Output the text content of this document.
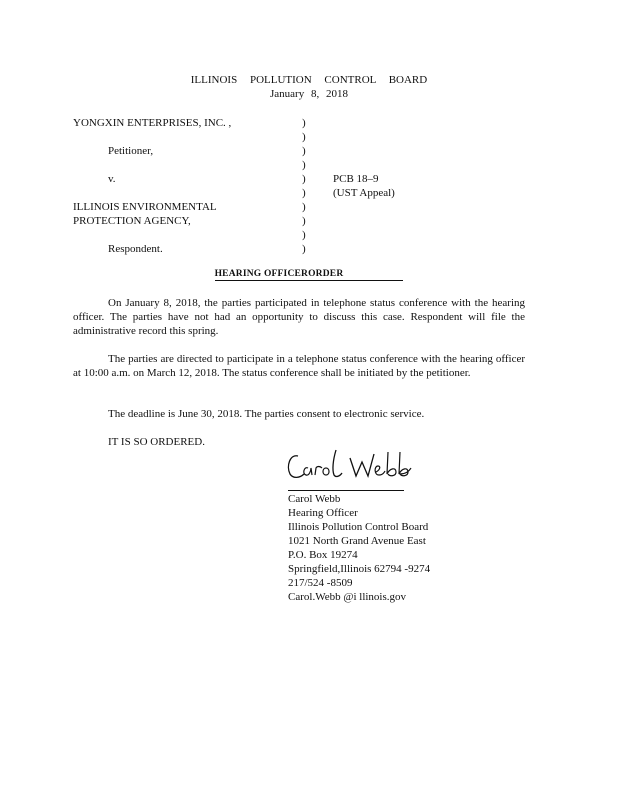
ILLINOIS POLLUTION CONTROL BOARD
January 8, 2018
YONGXIN ENTERPRISES, INC. ,
Petitioner,
v.
ILLINOIS ENVIRONMENTAL
PROTECTION AGENCY,
Respondent.
)
)
)
)
)
)
)
)
)
)
PCB 18–9
(UST Appeal)
HEARING OFFICERORDER

On January 8, 2018, the parties participated in telephone status conference with the hearing officer. The parties have not had an opportunity to discuss this case. Respondent will file the administrative record this spring.

The parties are directed to participate in a telephone status conference with the hearing officer at 10:00 a.m. on March 12, 2018. The status conference shall be initiated by the petitioner.

The deadline is June 30, 2018. The parties consent to electronic service.

IT IS SO ORDERED.
Carol Webb
Hearing Officer
Illinois Pollution Control Board
1021 North Grand Avenue East
P.O. Box 19274
Springfield,Illinois 62794 -9274
217/524 -8509
Carol.Webb @i llinois.gov
